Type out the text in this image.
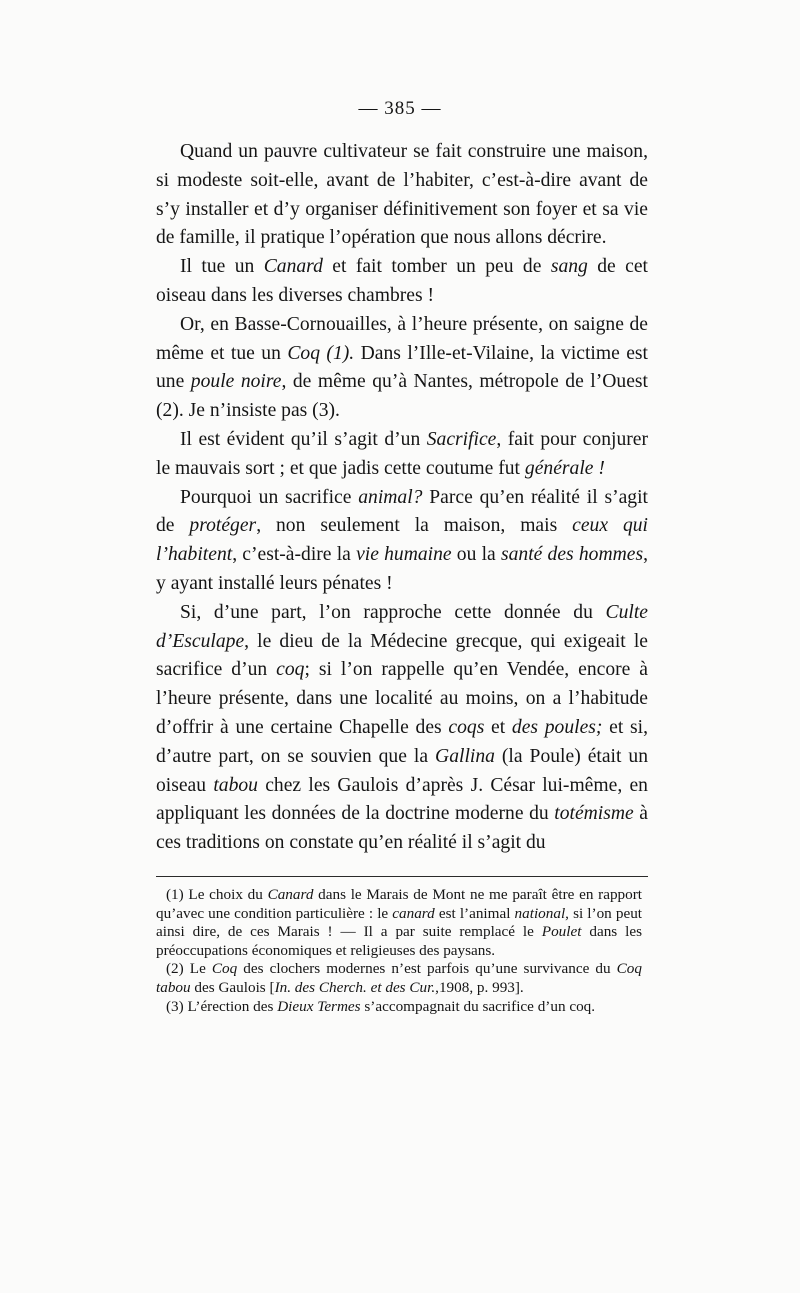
— 385 —

Quand un pauvre cultivateur se fait construire une maison, si modeste soit-elle, avant de l’habiter, c’est-à-dire avant de s’y installer et d’y organiser définitivement son foyer et sa vie de famille, il pratique l’opération que nous allons décrire.

Il tue un Canard et fait tomber un peu de sang de cet oiseau dans les diverses chambres !

Or, en Basse-Cornouailles, à l’heure présente, on saigne de même et tue un Coq (1). Dans l’Ille-et-Vilaine, la victime est une poule noire, de même qu’à Nantes, métropole de l’Ouest (2). Je n’insiste pas (3).

Il est évident qu’il s’agit d’un Sacrifice, fait pour conjurer le mauvais sort ; et que jadis cette coutume fut générale !

Pourquoi un sacrifice animal? Parce qu’en réalité il s’agit de protéger, non seulement la maison, mais ceux qui l’habitent, c’est-à-dire la vie humaine ou la santé des hommes, y ayant installé leurs pénates !

Si, d’une part, l’on rapproche cette donnée du Culte d’Esculape, le dieu de la Médecine grecque, qui exigeait le sacrifice d’un coq; si l’on rappelle qu’en Vendée, encore à l’heure présente, dans une localité au moins, on a l’habitude d’offrir à une certaine Chapelle des coqs et des poules; et si, d’autre part, on se souvien que la Gallina (la Poule) était un oiseau tabou chez les Gaulois d’après J. César lui-même, en appliquant les données de la doctrine moderne du totémisme à ces traditions on constate qu’en réalité il s’agit du

(1) Le choix du Canard dans le Marais de Mont ne me paraît être en rapport qu’avec une condition particulière : le canard est l’animal national, si l’on peut ainsi dire, de ces Marais ! — Il a par suite remplacé le Poulet dans les préoccupations économiques et religieuses des paysans.

(2) Le Coq des clochers modernes n’est parfois qu’une survivance du Coq tabou des Gaulois [In. des Cherch. et des Cur.,1908, p. 993].

(3) L’érection des Dieux Termes s’accompagnait du sacrifice d’un coq.
